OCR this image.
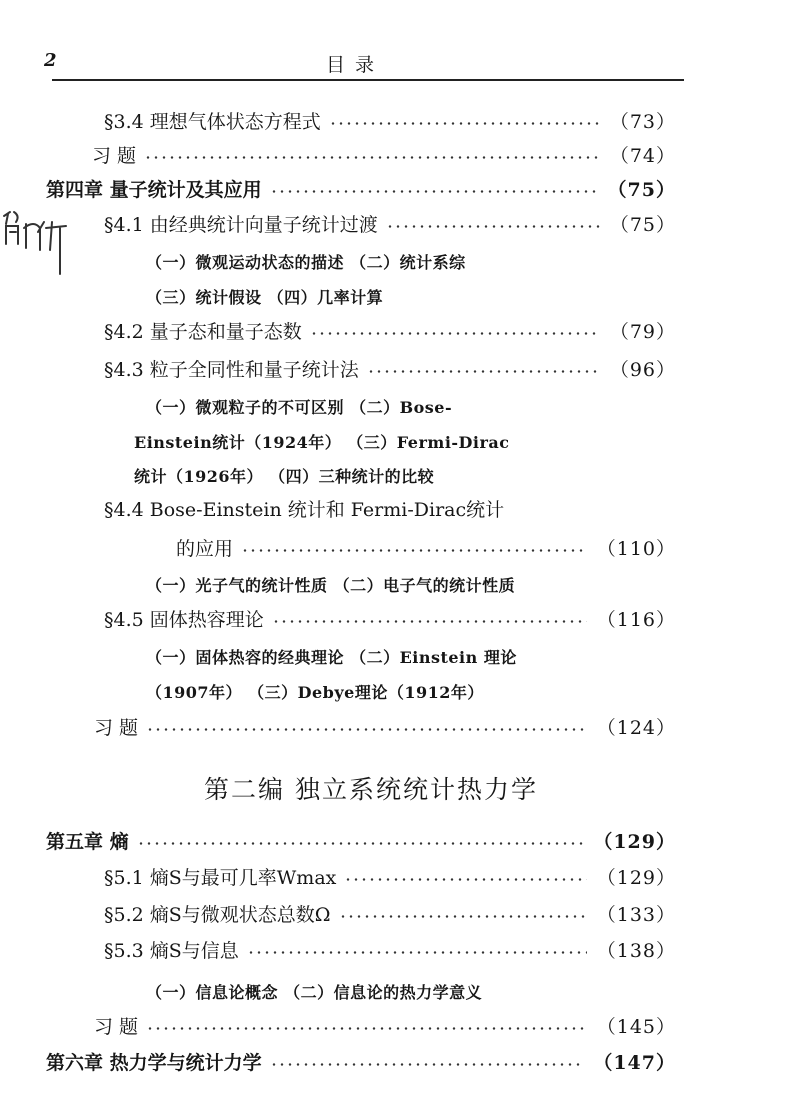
2	目 录
§3.4 理想气体状态方程式	（73）
习 题	（74）
第四章 量子统计及其应用	（75）
§4.1 由经典统计向量子统计过渡	（75）
（一）微观运动状态的描述 （二）统计系综
（三）统计假设 （四）几率计算
§4.2 量子态和量子态数	（79）
§4.3 粒子全同性和量子统计法	（96）
（一）微观粒子的不可区别 （二）Bose-
Einstein统计（1924年） （三）Fermi-Dirac
统计（1926年） （四）三种统计的比较
§4.4 Bose-Einstein 统计和 Fermi-Dirac统计
的应用	（110）
（一）光子气的统计性质 （二）电子气的统计性质
§4.5 固体热容理论	（116）
（一）固体热容的经典理论 （二）Einstein 理论
（1907年） （三）Debye理论（1912年）
习 题	（124）
第二编 独立系统统计热力学
第五章 熵	（129）
§5.1 熵S与最可几率Wmax	（129）
§5.2 熵S与微观状态总数Ω	（133）
§5.3 熵S与信息	（138）
（一）信息论概念 （二）信息论的热力学意义
习 题	（145）
第六章 热力学与统计力学	（147）
